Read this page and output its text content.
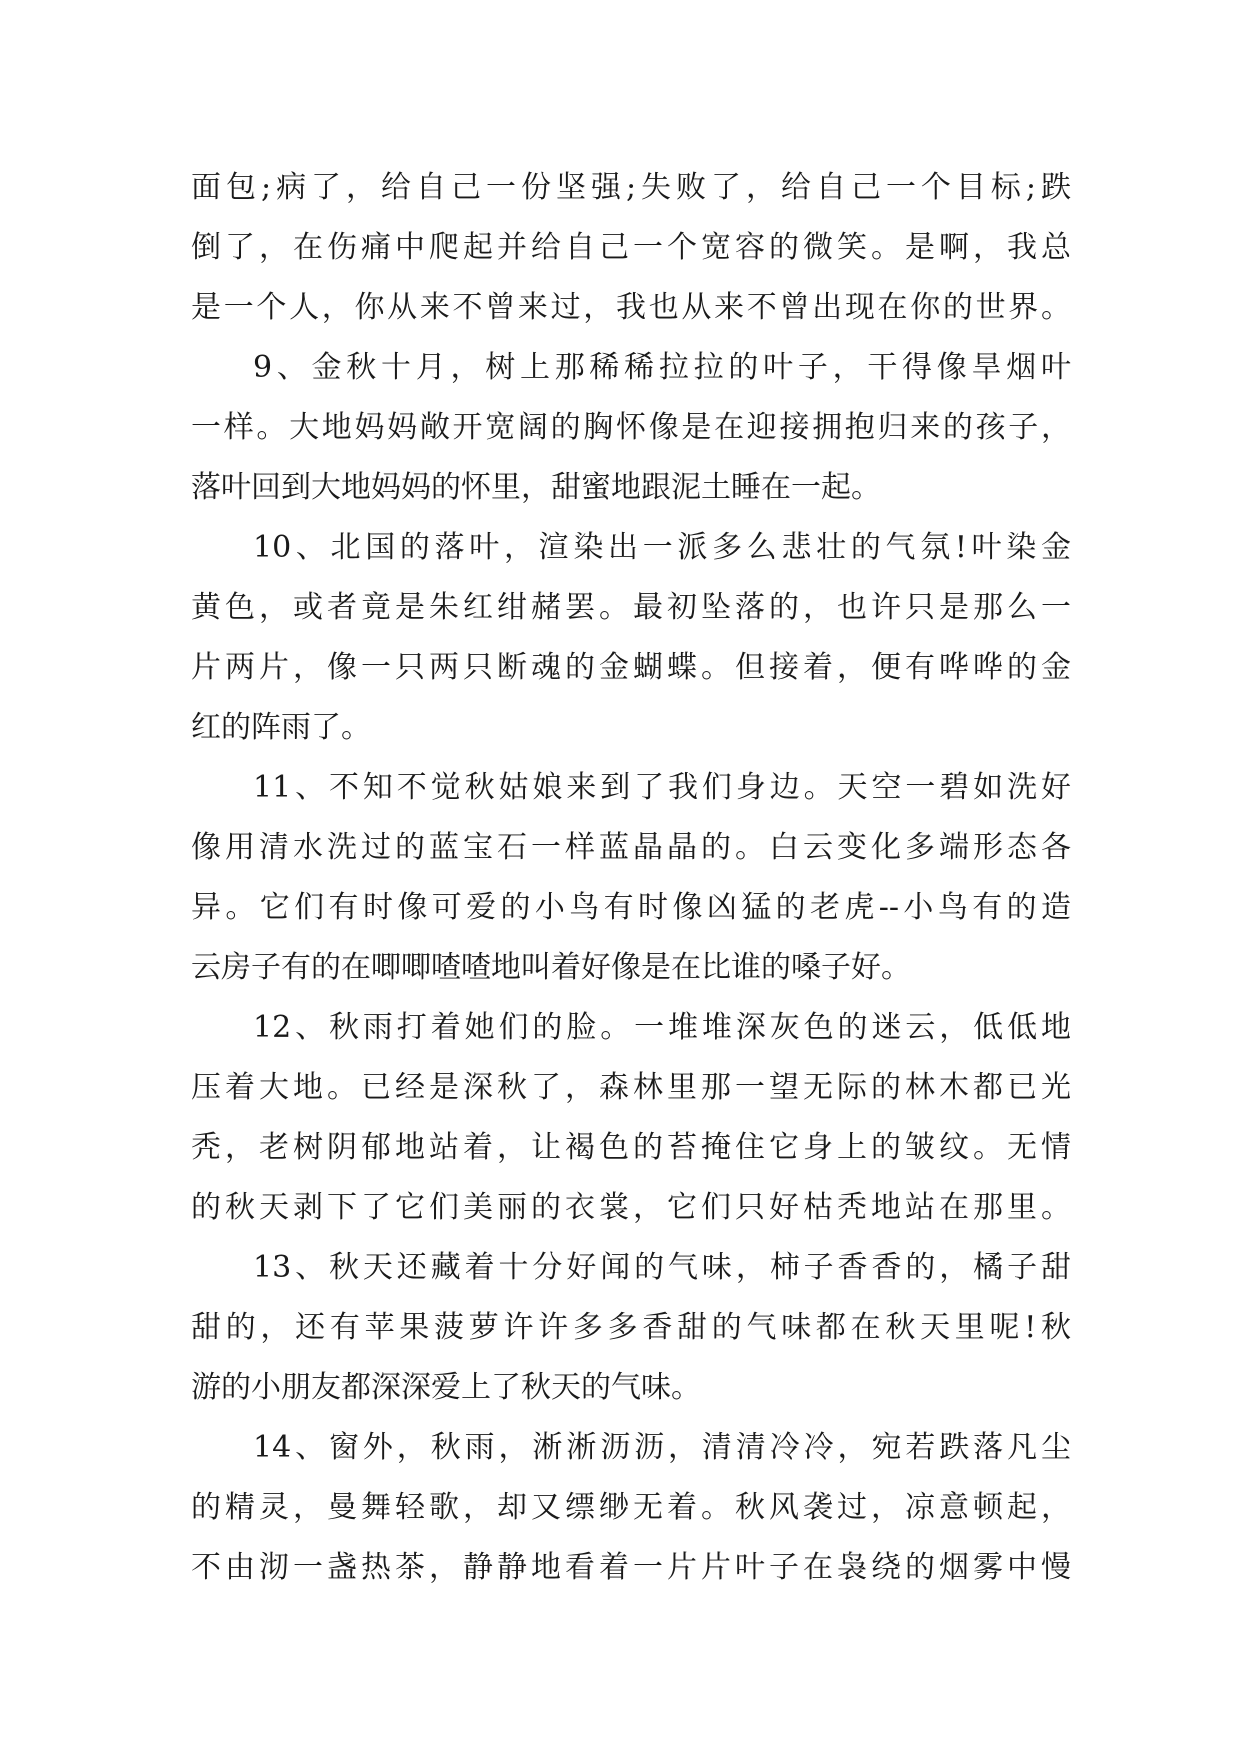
面包;病了，给自己一份坚强;失败了，给自己一个目标;跌
倒了，在伤痛中爬起并给自己一个宽容的微笑。是啊，我总
是一个人，你从来不曾来过，我也从来不曾出现在你的世界。
9、金秋十月，树上那稀稀拉拉的叶子，干得像旱烟叶
一样。大地妈妈敞开宽阔的胸怀像是在迎接拥抱归来的孩子，
落叶回到大地妈妈的怀里，甜蜜地跟泥土睡在一起。
10、北国的落叶，渲染出一派多么悲壮的气氛!叶染金
黄色，或者竟是朱红绀赭罢。最初坠落的，也许只是那么一
片两片，像一只两只断魂的金蝴蝶。但接着，便有哗哗的金
红的阵雨了。
11、不知不觉秋姑娘来到了我们身边。天空一碧如洗好
像用清水洗过的蓝宝石一样蓝晶晶的。白云变化多端形态各
异。它们有时像可爱的小鸟有时像凶猛的老虎--小鸟有的造
云房子有的在唧唧喳喳地叫着好像是在比谁的嗓子好。
12、秋雨打着她们的脸。一堆堆深灰色的迷云，低低地
压着大地。已经是深秋了，森林里那一望无际的林木都已光
秃，老树阴郁地站着，让褐色的苔掩住它身上的皱纹。无情
的秋天剥下了它们美丽的衣裳，它们只好枯秃地站在那里。
13、秋天还藏着十分好闻的气味，柿子香香的，橘子甜
甜的，还有苹果菠萝许许多多香甜的气味都在秋天里呢!秋
游的小朋友都深深爱上了秋天的气味。
14、窗外，秋雨，淅淅沥沥，清清冷冷，宛若跌落凡尘
的精灵，曼舞轻歌，却又缥缈无着。秋风袭过，凉意顿起，
不由沏一盏热茶，静静地看着一片片叶子在袅绕的烟雾中慢
